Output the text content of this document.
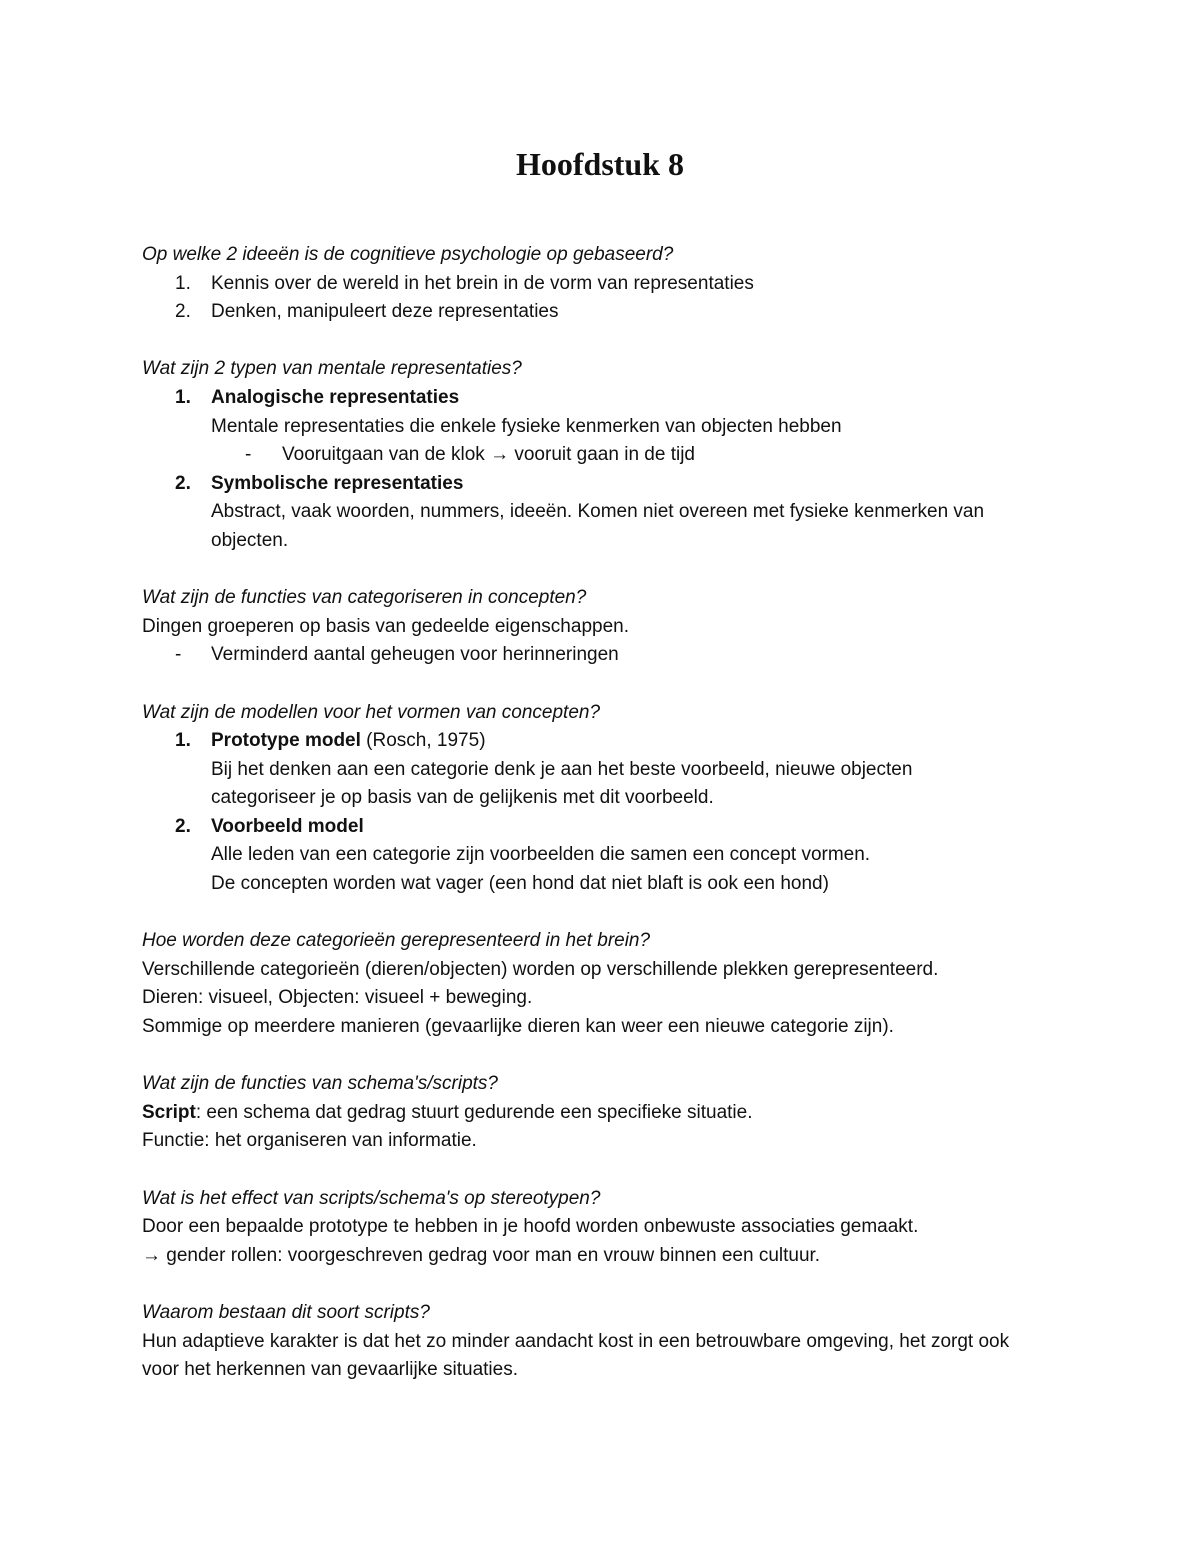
Hoofdstuk 8
Op welke 2 ideeën is de cognitieve psychologie op gebaseerd?
1. Kennis over de wereld in het brein in de vorm van representaties
2. Denken, manipuleert deze representaties
Wat zijn 2 typen van mentale representaties?
1. Analogische representaties
Mentale representaties die enkele fysieke kenmerken van objecten hebben
- Vooruitgaan van de klok → vooruit gaan in de tijd
2. Symbolische representaties
Abstract, vaak woorden, nummers, ideeën. Komen niet overeen met fysieke kenmerken van objecten.
Wat zijn de functies van categoriseren in concepten?
Dingen groeperen op basis van gedeelde eigenschappen.
- Verminderd aantal geheugen voor herinneringen
Wat zijn de modellen voor het vormen van concepten?
1. Prototype model (Rosch, 1975)
Bij het denken aan een categorie denk je aan het beste voorbeeld, nieuwe objecten categoriseer je op basis van de gelijkenis met dit voorbeeld.
2. Voorbeeld model
Alle leden van een categorie zijn voorbeelden die samen een concept vormen.
De concepten worden wat vager (een hond dat niet blaft is ook een hond)
Hoe worden deze categorieën gerepresenteerd in het brein?
Verschillende categorieën (dieren/objecten) worden op verschillende plekken gerepresenteerd.
Dieren: visueel, Objecten: visueel + beweging.
Sommige op meerdere manieren (gevaarlijke dieren kan weer een nieuwe categorie zijn).
Wat zijn de functies van schema's/scripts?
Script: een schema dat gedrag stuurt gedurende een specifieke situatie.
Functie: het organiseren van informatie.
Wat is het effect van scripts/schema's op stereotypen?
Door een bepaalde prototype te hebben in je hoofd worden onbewuste associaties gemaakt.
→ gender rollen: voorgeschreven gedrag voor man en vrouw binnen een cultuur.
Waarom bestaan dit soort scripts?
Hun adaptieve karakter is dat het zo minder aandacht kost in een betrouwbare omgeving, het zorgt ook voor het herkennen van gevaarlijke situaties.
